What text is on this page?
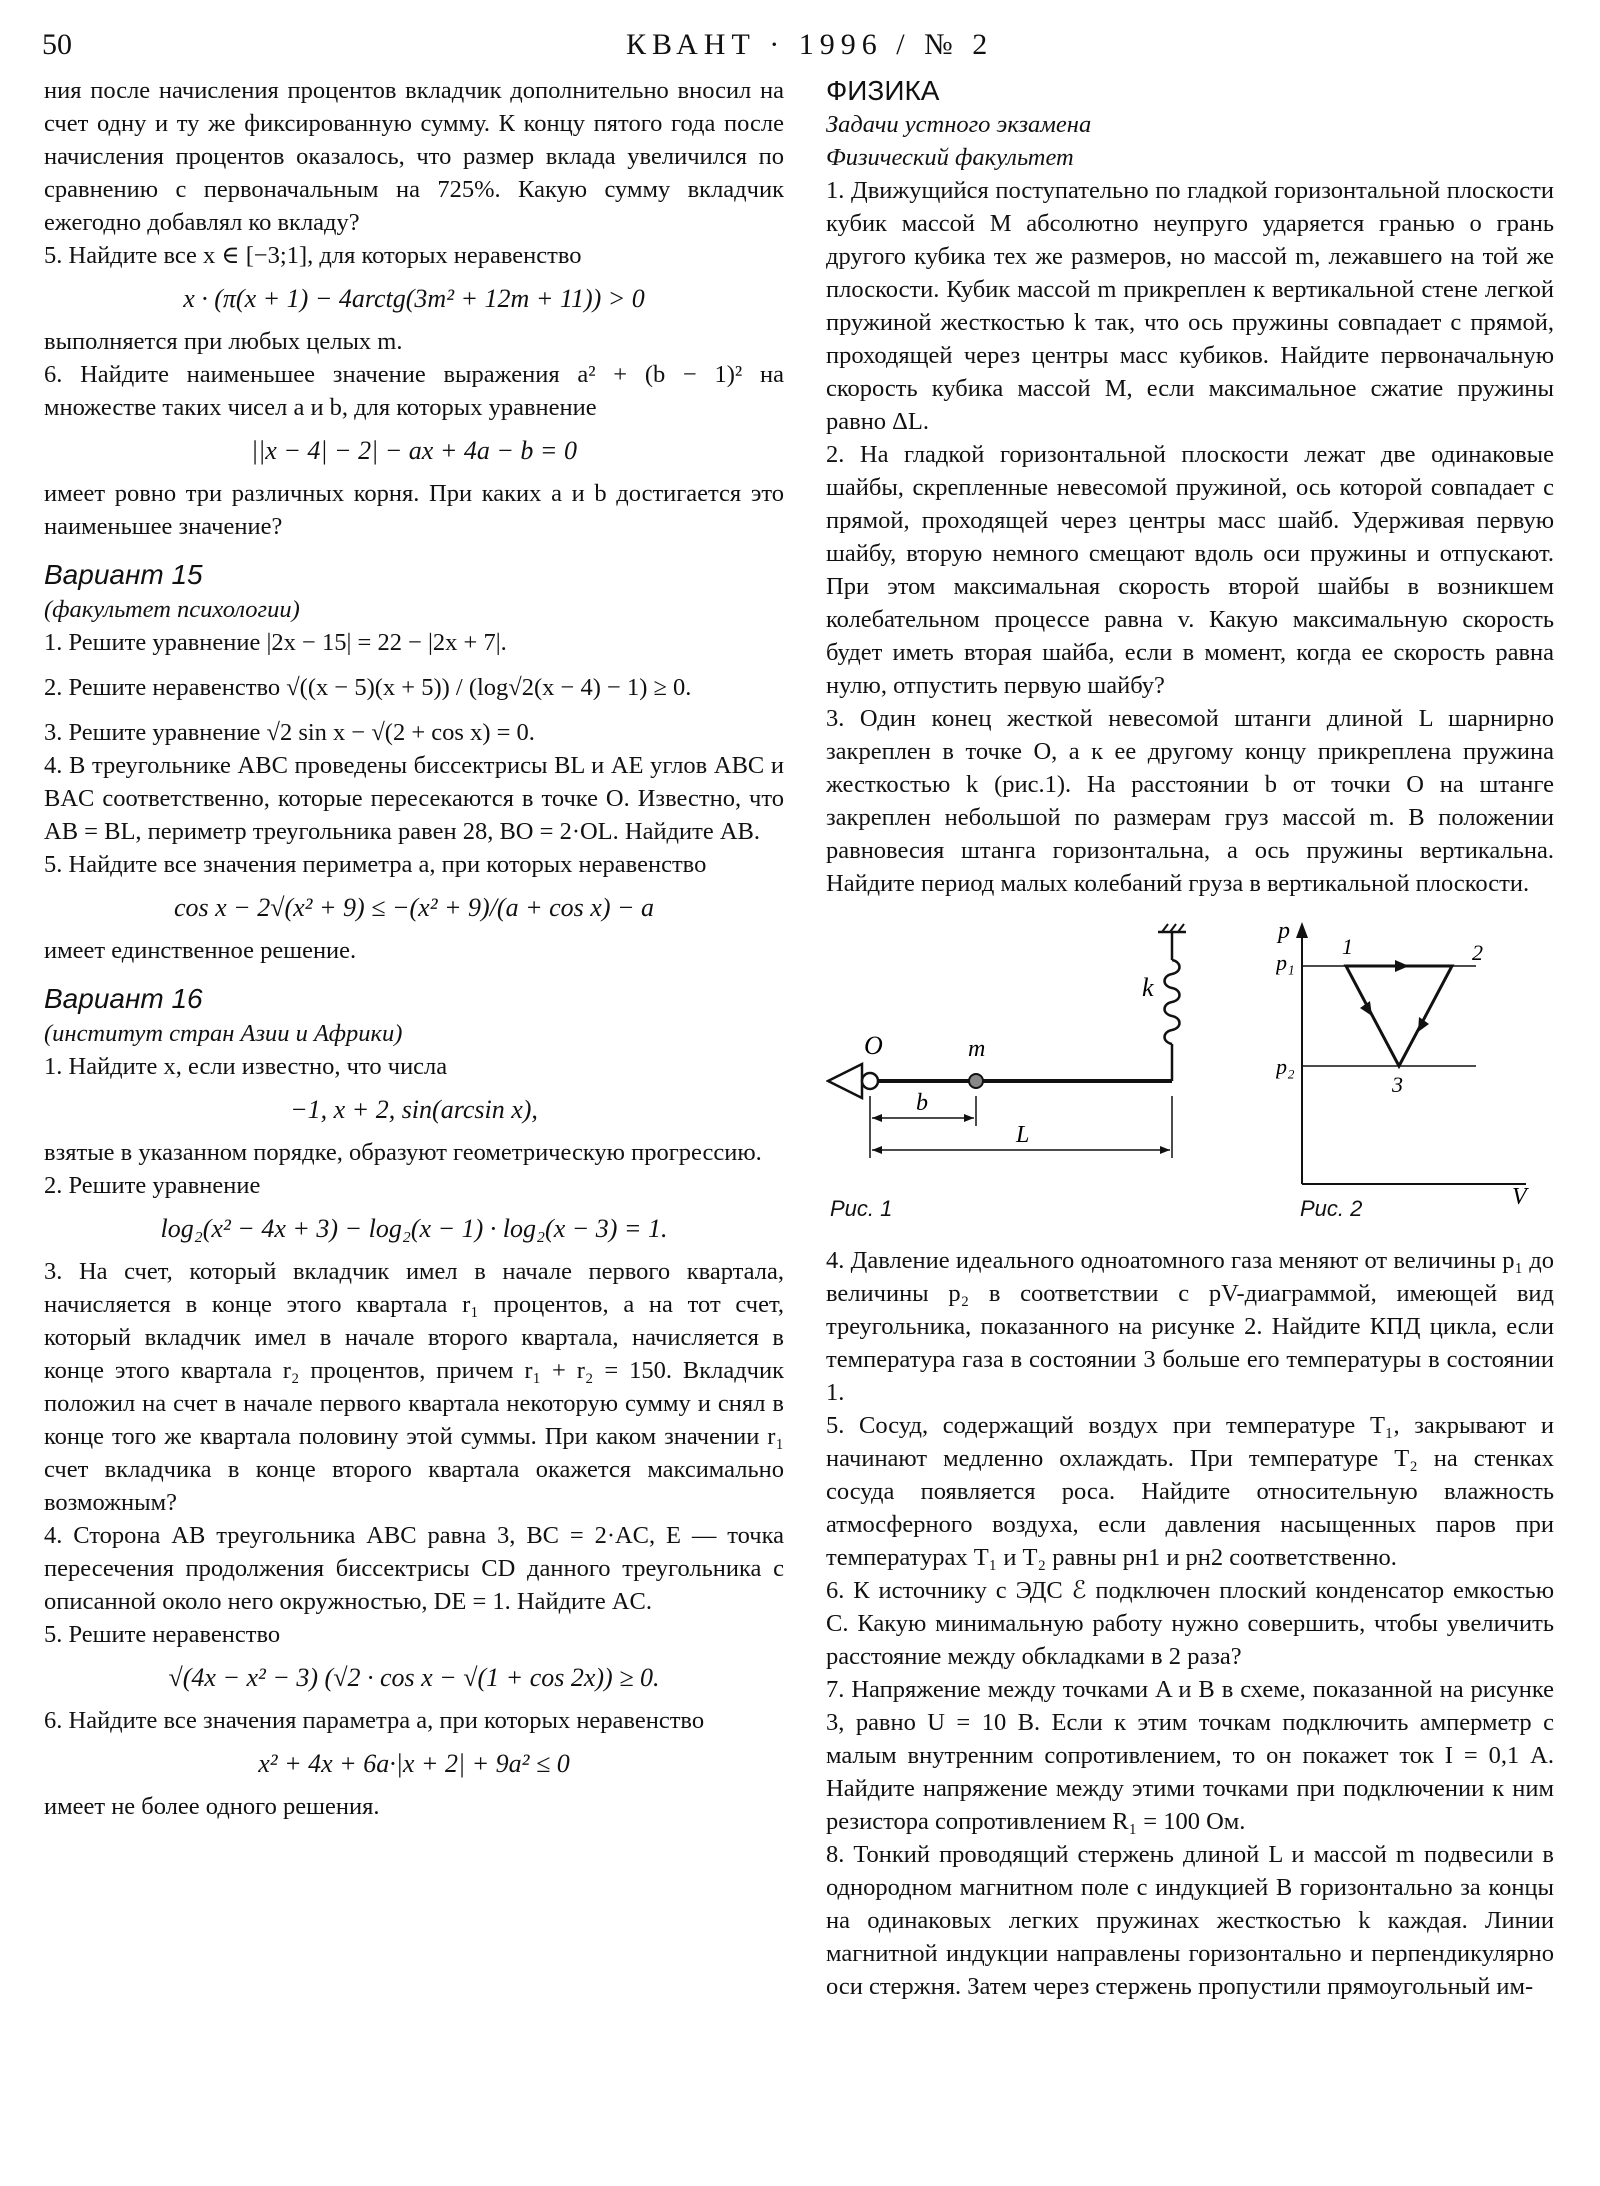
50	КВАНТ · 1996 / № 2

ния после начисления процентов вкладчик дополнительно вносил на счет одну и ту же фиксированную сумму. К концу пятого года после начисления процентов оказалось, что размер вклада увеличился по сравнению с первоначальным на 725%. Какую сумму вкладчик ежегодно добавлял ко вкладу?

5. Найдите все x ∈ [−3;1], для которых неравенство

x · (π(x + 1) − 4arctg(3m² + 12m + 11)) > 0

выполняется при любых целых m.

6. Найдите наименьшее значение выражения a² + (b − 1)² на множестве таких чисел a и b, для которых уравнение

||x − 4| − 2| − ax + 4a − b = 0

имеет ровно три различных корня. При каких a и b достигается это наименьшее значение?

Вариант 15

(факультет психологии)

1. Решите уравнение |2x − 15| = 22 − |2x + 7|.

2. Решите неравенство √((x − 5)(x + 5)) / (log√2(x − 4) − 1) ≥ 0.

3. Решите уравнение √2 sin x − √(2 + cos x) = 0.

4. В треугольнике ABC проведены биссектрисы BL и AE углов ABC и BAC соответственно, которые пересекаются в точке O. Известно, что AB = BL, периметр треугольника равен 28, BO = 2·OL. Найдите AB.

5. Найдите все значения периметра a, при которых неравенство

cos x − 2√(x² + 9) ≤ −(x² + 9)/(a + cos x) − a

имеет единственное решение.

Вариант 16

(институт стран Азии и Африки)

1. Найдите x, если известно, что числа

−1, x + 2, sin(arcsin x),

взятые в указанном порядке, образуют геометрическую прогрессию.

2. Решите уравнение

log₂(x² − 4x + 3) − log₂(x − 1) · log₂(x − 3) = 1.

3. На счет, который вкладчик имел в начале первого квартала, начисляется в конце этого квартала r₁ процентов, а на тот счет, который вкладчик имел в начале второго квартала, начисляется в конце этого квартала r₂ процентов, причем r₁ + r₂ = 150. Вкладчик положил на счет в начале первого квартала некоторую сумму и снял в конце того же квартала половину этой суммы. При каком значении r₁ счет вкладчика в конце второго квартала окажется максимально возможным?

4. Сторона AB треугольника ABC равна 3, BC = 2·AC, E — точка пересечения продолжения биссектрисы CD данного треугольника с описанной около него окружностью, DE = 1. Найдите AC.

5. Решите неравенство

√(4x − x² − 3) (√2 · cos x − √(1 + cos 2x)) ≥ 0.

6. Найдите все значения параметра a, при которых неравенство

x² + 4x + 6a·|x + 2| + 9a² ≤ 0

имеет не более одного решения.

ФИЗИКА

Задачи устного экзамена

Физический факультет

1. Движущийся поступательно по гладкой горизонтальной плоскости кубик массой M абсолютно неупруго ударяется гранью о грань другого кубика тех же размеров, но массой m, лежавшего на той же плоскости. Кубик массой m прикреплен к вертикальной стене легкой пружиной жесткостью k так, что ось пружины совпадает с прямой, проходящей через центры масс кубиков. Найдите первоначальную скорость кубика массой M, если максимальное сжатие пружины равно ΔL.

2. На гладкой горизонтальной плоскости лежат две одинаковые шайбы, скрепленные невесомой пружиной, ось которой совпадает с прямой, проходящей через центры масс шайб. Удерживая первую шайбу, вторую немного смещают вдоль оси пружины и отпускают. При этом максимальная скорость второй шайбы в возникшем колебательном процессе равна v. Какую максимальную скорость будет иметь вторая шайба, если в момент, когда ее скорость равна нулю, отпустить первую шайбу?

3. Один конец жесткой невесомой штанги длиной L шарнирно закреплен в точке O, а к ее другому концу прикреплена пружина жесткостью k (рис.1). На расстоянии b от точки O на штанге закреплен небольшой по размерам груз массой m. В положении равновесия штанга горизонтальна, а ось пружины вертикальна. Найдите период малых колебаний груза в вертикальной плоскости.

O	m
k
b
L
p
p₁
p₂
1	2
3
V
Рис. 1	Рис. 2

4. Давление идеального одноатомного газа меняют от величины p₁ до величины p₂ в соответствии с pV-диаграммой, имеющей вид треугольника, показанного на рисунке 2. Найдите КПД цикла, если температура газа в состоянии 3 больше его температуры в состоянии 1.

5. Сосуд, содержащий воздух при температуре T₁, закрывают и начинают медленно охлаждать. При температуре T₂ на стенках сосуда появляется роса. Найдите относительную влажность атмосферного воздуха, если давления насыщенных паров при температурах T₁ и T₂ равны pн1 и pн2 соответственно.

6. К источнику с ЭДС ℰ подключен плоский конденсатор емкостью C. Какую минимальную работу нужно совершить, чтобы увеличить расстояние между обкладками в 2 раза?

7. Напряжение между точками A и B в схеме, показанной на рисунке 3, равно U = 10 В. Если к этим точкам подключить амперметр с малым внутренним сопротивлением, то он покажет ток I = 0,1 А. Найдите напряжение между этими точками при подключении к ним резистора сопротивлением R₁ = 100 Ом.

8. Тонкий проводящий стержень длиной L и массой m подвесили в однородном магнитном поле с индукцией B горизонтально за концы на одинаковых легких пружинах жесткостью k каждая. Линии магнитной индукции направлены горизонтально и перпендикулярно оси стержня. Затем через стержень пропустили прямоугольный им-
